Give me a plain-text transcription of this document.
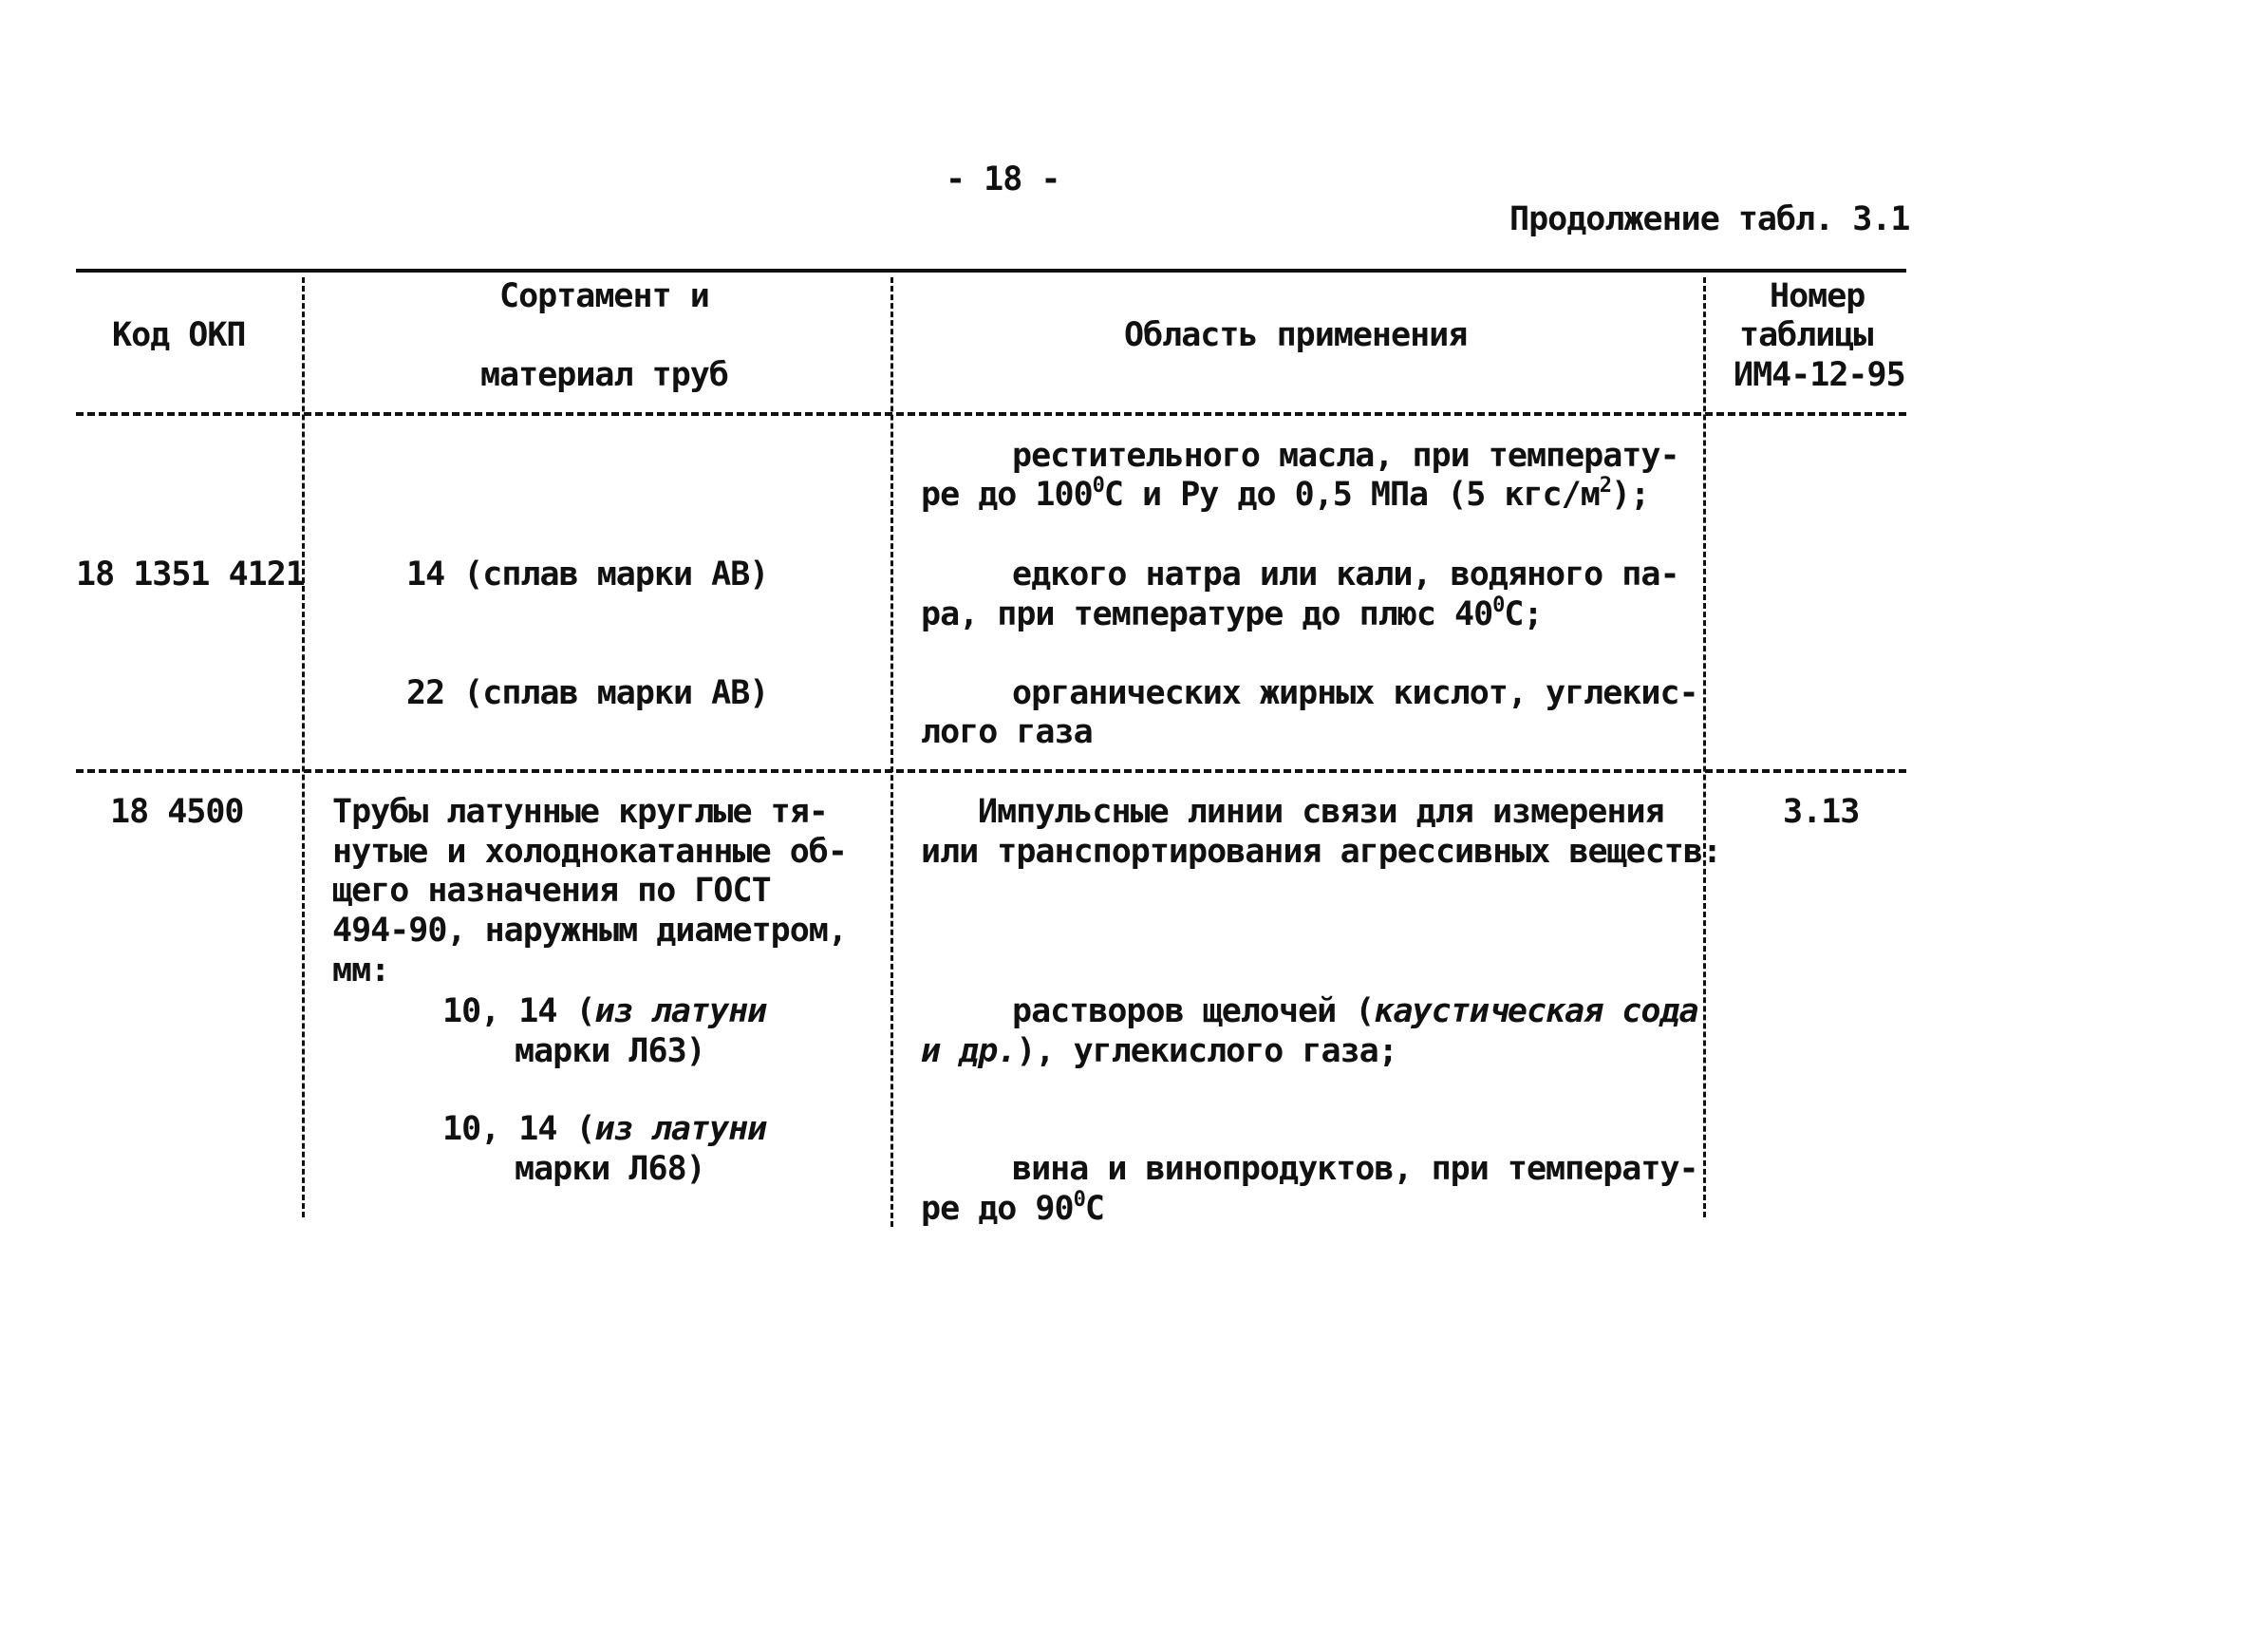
- 18 -
Продолжение табл. 3.1
Код ОКП
Сортамент и
материал труб
Область применения
Номер
таблицы
ИМ4-12-95
18 1351 4121	14 (сплав марки АВ)
22 (сплав марки АВ)
рестительного масла, при температу-
ре до $100^0С$ и Ру до 0,5 МПа (5 кгс/$м^2$);
едкого натра или кали, водяного па-
ра, при температуре до плюс $40^0С$;
органических жирных кислот, углекис-
лого газа
18 4500	Трубы латунные круглые тя-
нутые и холоднокатанные об-
щего назначения по ГОСТ
494-90, наружным диаметром,
мм:
10, 14 (из латуни
марки Л63)
10, 14 (из латуни
марки Л68)
Импульсные линии связи для измерения
или транспортирования агрессивных веществ:
растворов щелочей (каустическая сода
и др.), углекислого газа;
вина и винопродуктов, при температу-
ре до $90^0С$
3.13
